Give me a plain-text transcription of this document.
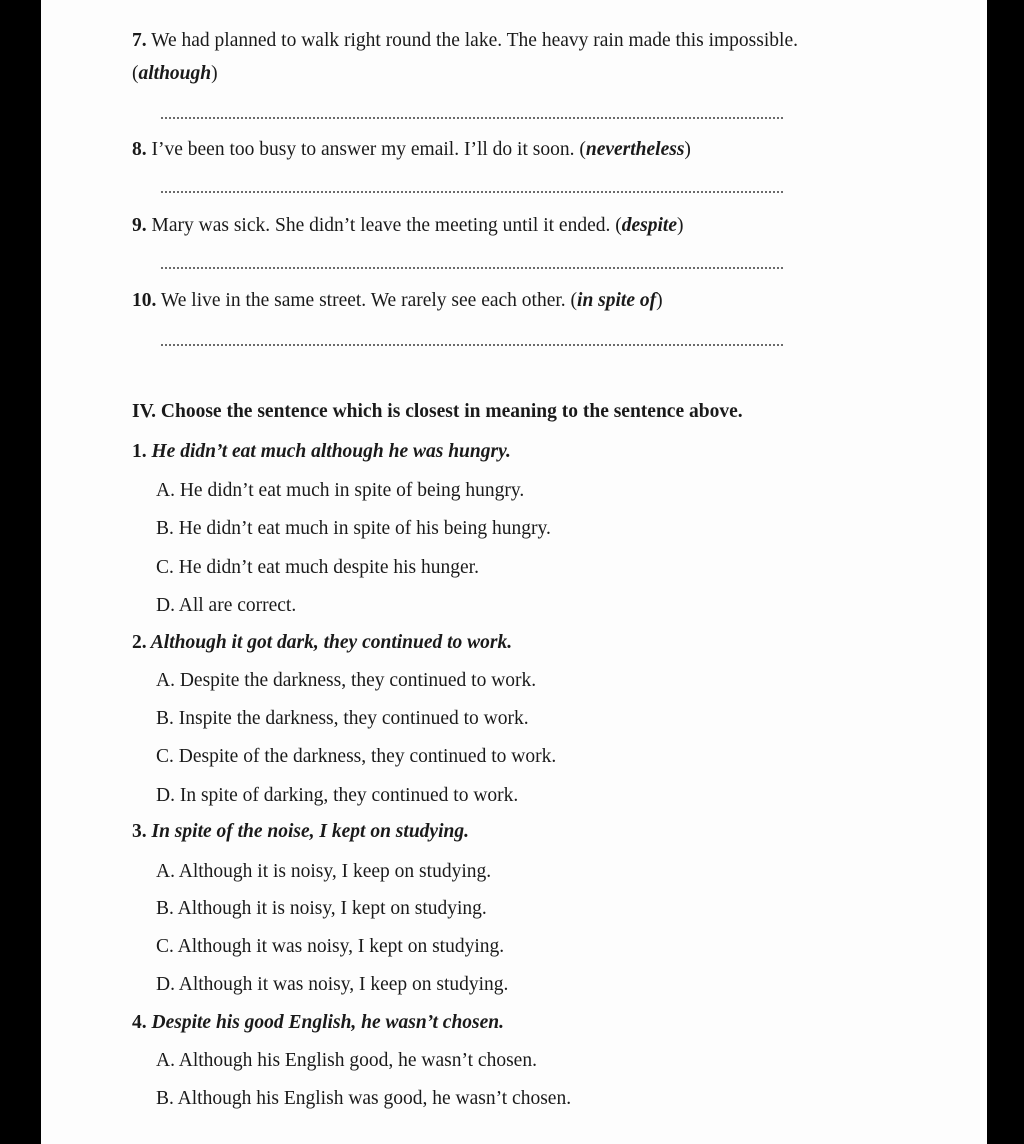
7. We had planned to walk right round the lake. The heavy rain made this impossible.
(although)
8. I’ve been too busy to answer my email. I’ll do it soon. (nevertheless)
9. Mary was sick. She didn’t leave the meeting until it ended. (despite)
10. We live in the same street. We rarely see each other. (in spite of)
IV. Choose the sentence which is closest in meaning to the sentence above.
1. He didn’t eat much although he was hungry.
A. He didn’t eat much in spite of being hungry.
B. He didn’t eat much in spite of his being hungry.
C. He didn’t eat much despite his hunger.
D. All are correct.
2. Although it got dark, they continued to work.
A. Despite the darkness, they continued to work.
B. Inspite the darkness, they continued to work.
C. Despite of the darkness, they continued to work.
D. In spite of darking, they continued to work.
3. In spite of the noise, I kept on studying.
A. Although it is noisy, I keep on studying.
B. Although it is noisy, I kept on studying.
C. Although it was noisy, I kept on studying.
D. Although it was noisy, I keep on studying.
4. Despite his good English, he wasn’t chosen.
A. Although his English good, he wasn’t chosen.
B. Although his English was good, he wasn’t chosen.
